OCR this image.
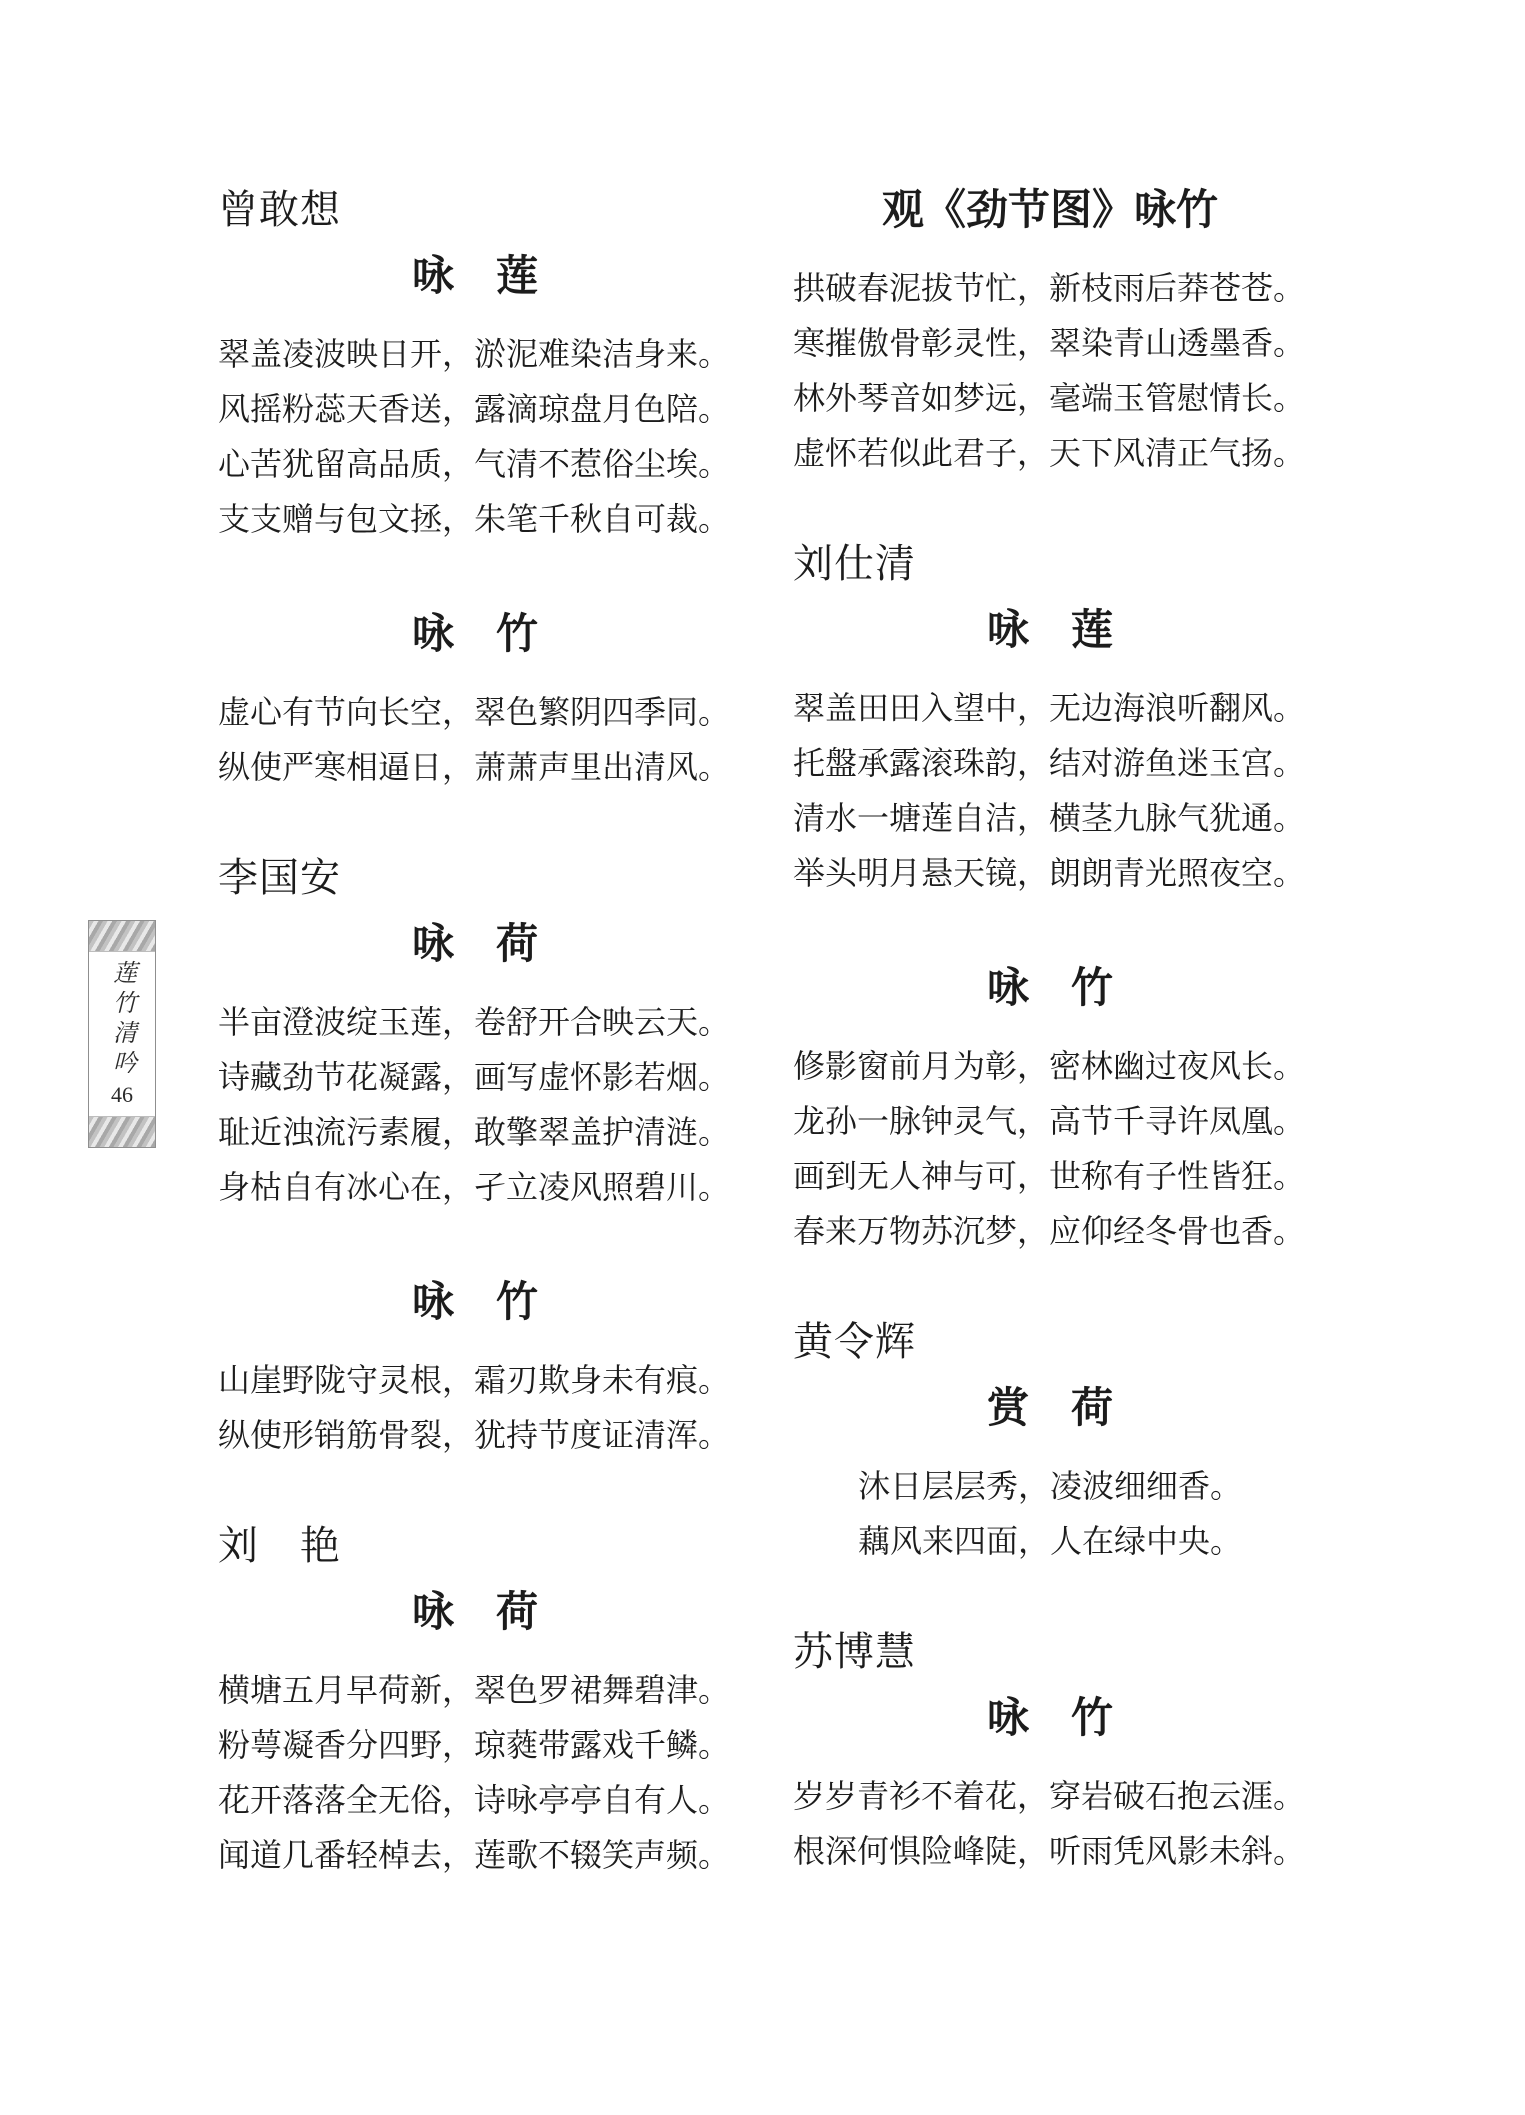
莲竹清吟
46
曾敢想
咏　莲
翠盖凌波映日开，淤泥难染洁身来。
风摇粉蕊天香送，露滴琼盘月色陪。
心苦犹留高品质，气清不惹俗尘埃。
支支赠与包文拯，朱笔千秋自可裁。
咏　竹
虚心有节向长空，翠色繁阴四季同。
纵使严寒相逼日，萧萧声里出清风。
李国安
咏　荷
半亩澄波绽玉莲，卷舒开合映云天。
诗藏劲节花凝露，画写虚怀影若烟。
耻近浊流污素履，敢擎翠盖护清涟。
身枯自有冰心在，孑立凌风照碧川。
咏　竹
山崖野陇守灵根，霜刃欺身未有痕。
纵使形销筋骨裂，犹持节度证清浑。
刘　艳
咏　荷
横塘五月早荷新，翠色罗裙舞碧津。
粉萼凝香分四野，琼蕤带露戏千鳞。
花开落落全无俗，诗咏亭亭自有人。
闻道几番轻棹去，莲歌不辍笑声频。
观《劲节图》咏竹
拱破春泥拔节忙，新枝雨后莽苍苍。
寒摧傲骨彰灵性，翠染青山透墨香。
林外琴音如梦远，毫端玉管慰情长。
虚怀若似此君子，天下风清正气扬。
刘仕清
咏　莲
翠盖田田入望中，无边海浪听翻风。
托盤承露滚珠韵，结对游鱼迷玉宫。
清水一塘莲自洁，横茎九脉气犹通。
举头明月悬天镜，朗朗青光照夜空。
咏　竹
修影窗前月为彰，密林幽过夜风长。
龙孙一脉钟灵气，高节千寻许凤凰。
画到无人神与可，世称有子性皆狂。
春来万物苏沉梦，应仰经冬骨也香。
黄令辉
赏　荷
沐日层层秀，凌波细细香。
藕风来四面，人在绿中央。
苏博慧
咏　竹
岁岁青衫不着花，穿岩破石抱云涯。
根深何惧险峰陡，听雨凭风影未斜。
